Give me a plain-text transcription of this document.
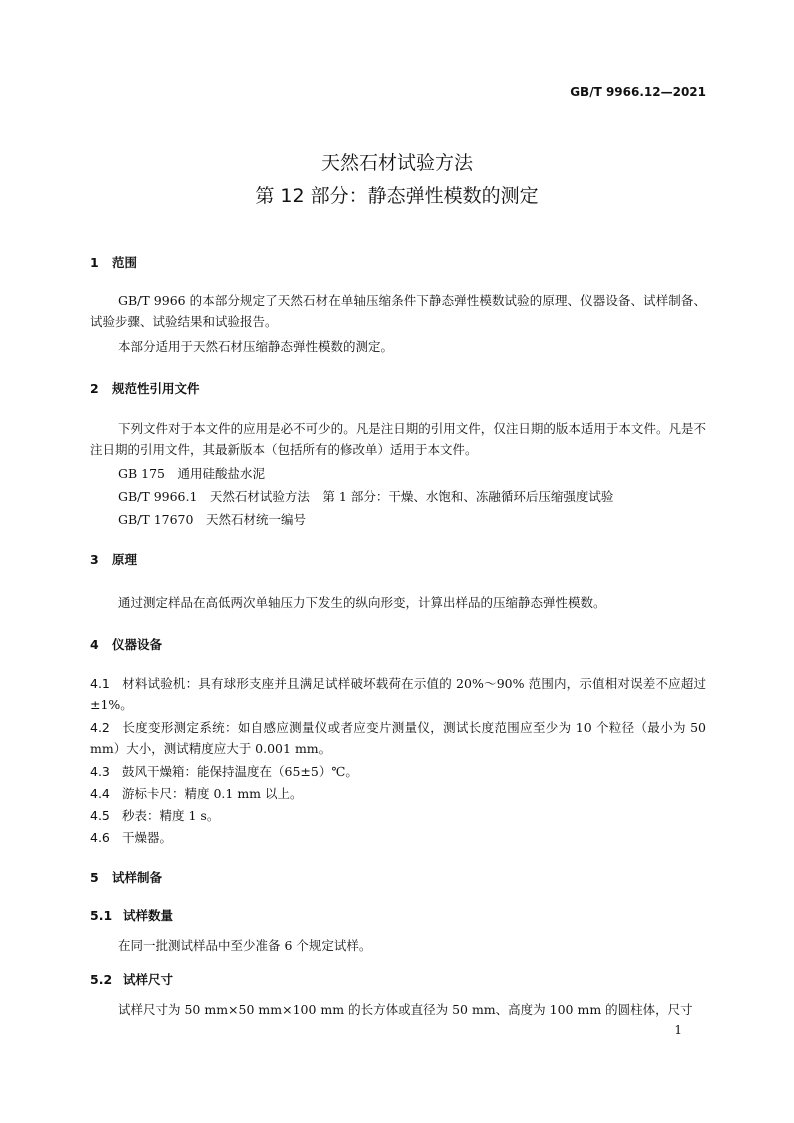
GB/T 9966.12—2021
天然石材试验方法
第 12 部分：静态弹性模数的测定
1 范围

GB/T 9966 的本部分规定了天然石材在单轴压缩条件下静态弹性模数试验的原理、仪器设备、试样制备、试验步骤、试验结果和试验报告。

本部分适用于天然石材压缩静态弹性模数的测定。

2 规范性引用文件

下列文件对于本文件的应用是必不可少的。凡是注日期的引用文件，仅注日期的版本适用于本文件。凡是不注日期的引用文件，其最新版本（包括所有的修改单）适用于本文件。

GB 175　通用硅酸盐水泥
GB/T 9966.1　天然石材试验方法　第 1 部分：干燥、水饱和、冻融循环后压缩强度试验
GB/T 17670　天然石材统一编号
3 原理
通过测定样品在高低两次单轴压力下发生的纵向形变，计算出样品的压缩静态弹性模数。
4 仪器设备

4.1 材料试验机：具有球形支座并且满足试样破坏载荷在示值的 20%～90% 范围内，示值相对误差不应超过 ±1%。

4.2 长度变形测定系统：如自感应测量仪或者应变片测量仪，测试长度范围应至少为 10 个粒径（最小为 50 mm）大小，测试精度应大于 0.001 mm。

4.3 鼓风干燥箱：能保持温度在（65±5）℃。

4.4 游标卡尺：精度 0.1 mm 以上。

4.5 秒表：精度 1 s。

4.6 干燥器。

5 试样制备
5.1 试样数量
在同一批测试样品中至少准备 6 个规定试样。
5.2 试样尺寸
试样尺寸为 50 mm×50 mm×100 mm 的长方体或直径为 50 mm、高度为 100 mm 的圆柱体，尺寸
1
